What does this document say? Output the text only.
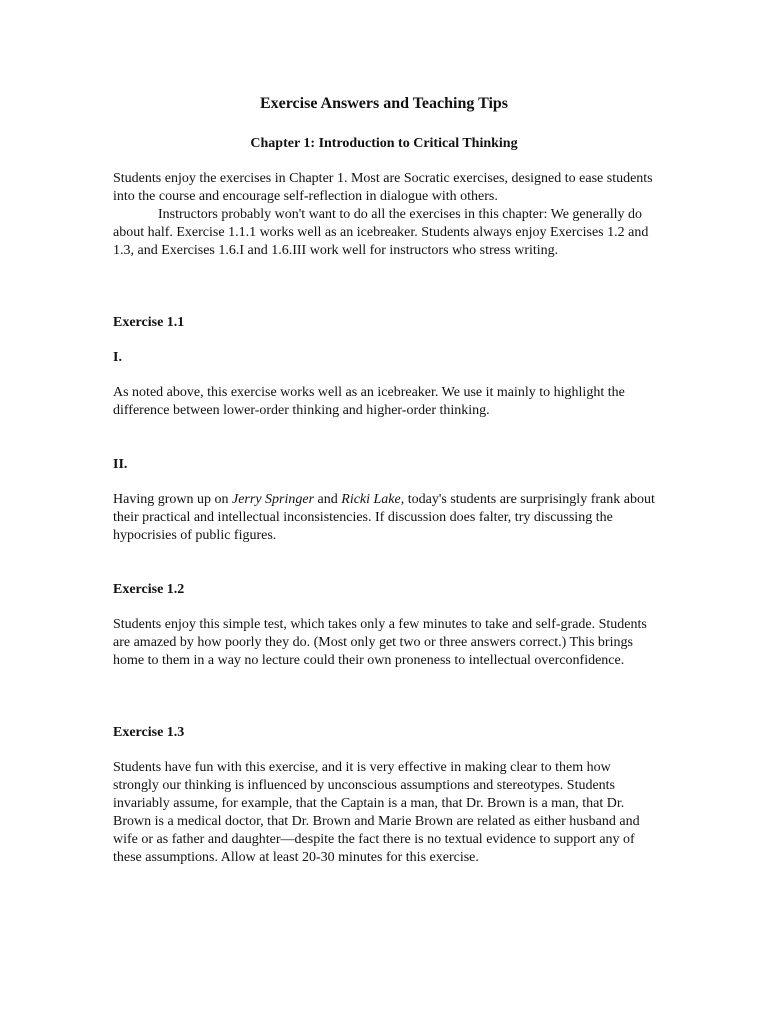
Exercise Answers and Teaching Tips
Chapter 1: Introduction to Critical Thinking

Students enjoy the exercises in Chapter 1. Most are Socratic exercises, designed to ease students into the course and encourage self-reflection in dialogue with others.

Instructors probably won't want to do all the exercises in this chapter: We generally do about half. Exercise 1.1.1 works well as an icebreaker. Students always enjoy Exercises 1.2 and 1.3, and Exercises 1.6.I and 1.6.III work well for instructors who stress writing.

Exercise 1.1
I.
As noted above, this exercise works well as an icebreaker. We use it mainly to highlight the difference between lower-order thinking and higher-order thinking.
II.
Having grown up on Jerry Springer and Ricki Lake, today's students are surprisingly frank about their practical and intellectual inconsistencies. If discussion does falter, try discussing the hypocrisies of public figures.
Exercise 1.2
Students enjoy this simple test, which takes only a few minutes to take and self-grade. Students are amazed by how poorly they do. (Most only get two or three answers correct.) This brings home to them in a way no lecture could their own proneness to intellectual overconfidence.
Exercise 1.3
Students have fun with this exercise, and it is very effective in making clear to them how strongly our thinking is influenced by unconscious assumptions and stereotypes. Students invariably assume, for example, that the Captain is a man, that Dr. Brown is a man, that Dr. Brown is a medical doctor, that Dr. Brown and Marie Brown are related as either husband and wife or as father and daughter—despite the fact there is no textual evidence to support any of these assumptions. Allow at least 20-30 minutes for this exercise.
